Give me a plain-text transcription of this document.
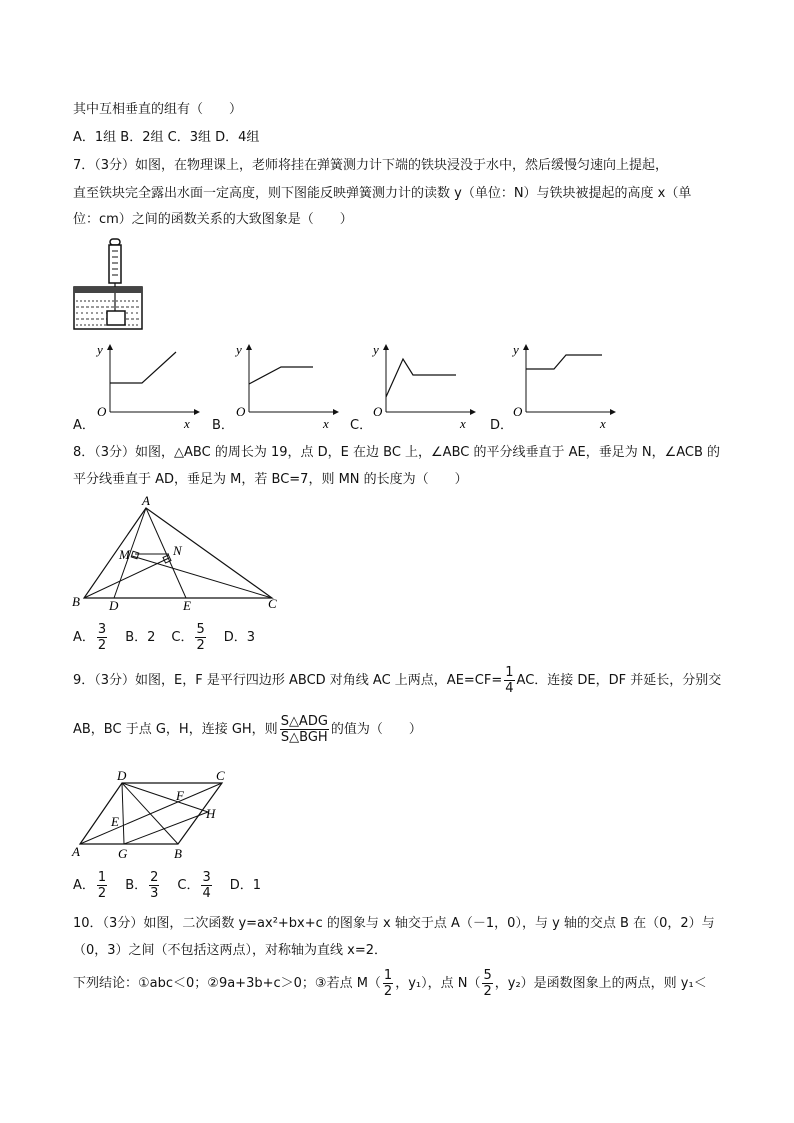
其中互相垂直的组有（　　）
A．1组 B．2组 C．3组 D．4组
7．（3分）如图，在物理课上，老师将挂在弹簧测力计下端的铁块浸没于水中，然后缓慢匀速向上提起，
直至铁块完全露出水面一定高度，则下图能反映弹簧测力计的读数 y（单位：N）与铁块被提起的高度 x（单
位：cm）之间的函数关系的大致图象是（　　）
y
O
x
y
O
x
y
O
x
y
O
x
A．	B．	C．	D．
8．（3分）如图，△ABC 的周长为 19，点 D，E 在边 BC 上，∠ABC 的平分线垂直于 AE，垂足为 N，∠ACB 的
平分线垂直于 AD，垂足为 M，若 BC=7，则 MN 的长度为（　　）
A
B	C
D	E
M	N
A． $\frac{3}{2}$ B．2 C． $\frac{5}{2}$ D．3
9．（3分）如图，E，F 是平行四边形 ABCD 对角线 AC 上两点，$AE=CF= \frac{1}{4}$ AC．连接 DE，DF 并延长，分别交
AB，BC 于点 G，H，连接 GH，则 $\frac{\text{S△ADG}}{\text{S△BGH}}$ 的值为（　　）
A	B
C
D
E
F
G
H
A． $\frac{1}{2}$ B． $\frac{2}{3}$ C． $\frac{3}{4}$ D．1
10．（3分）如图，二次函数 y=ax²+bx+c 的图象与 x 轴交于点 A（－1，0），与 y 轴的交点 B 在（0，2）与
（0，3）之间（不包括这两点），对称轴为直线 x=2．
下列结论：①abc＜0；②9a+3b+c＞0；③若点 $M( \frac{1}{2}$ ，y₁），点 $N( \frac{5}{2}$ ，y₂）是函数图象上的两点，则 y₁＜
